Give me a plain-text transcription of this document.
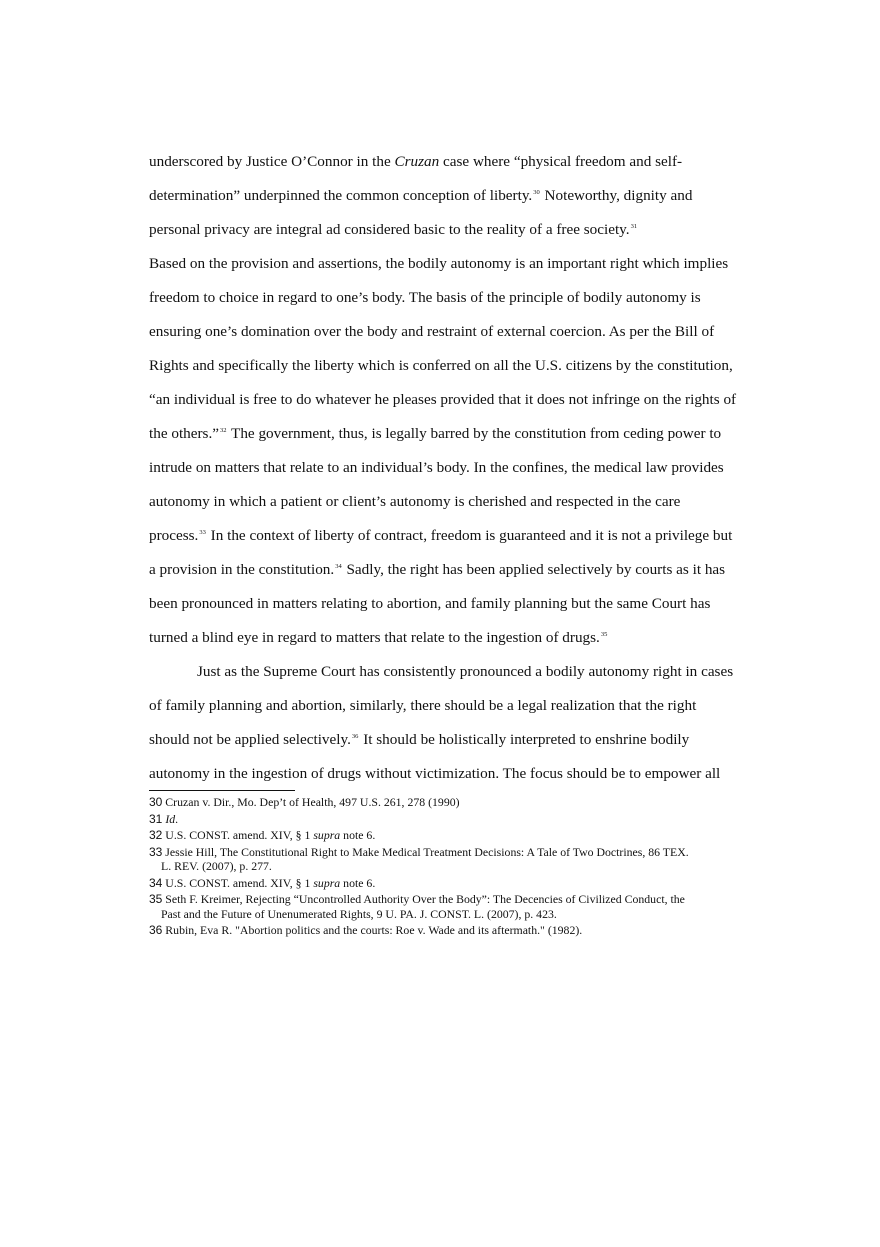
underscored by Justice O’Connor in the Cruzan case where “physical freedom and self-
determination” underpinned the common conception of liberty.$^{30}$ Noteworthy, dignity and
personal privacy are integral ad considered basic to the reality of a free society.$^{31}$
Based on the provision and assertions, the bodily autonomy is an important right which implies
freedom to choice in regard to one’s body. The basis of the principle of bodily autonomy is
ensuring one’s domination over the body and restraint of external coercion. As per the Bill of
Rights and specifically the liberty which is conferred on all the U.S. citizens by the constitution,
“an individual is free to do whatever he pleases provided that it does not infringe on the rights of
the others.”$^{32}$ The government, thus, is legally barred by the constitution from ceding power to
intrude on matters that relate to an individual’s body. In the confines, the medical law provides
autonomy in which a patient or client’s autonomy is cherished and respected in the care
process.$^{33}$ In the context of liberty of contract, freedom is guaranteed and it is not a privilege but
a provision in the constitution.$^{34}$ Sadly, the right has been applied selectively by courts as it has
been pronounced in matters relating to abortion, and family planning but the same Court has
turned a blind eye in regard to matters that relate to the ingestion of drugs.$^{35}$
Just as the Supreme Court has consistently pronounced a bodily autonomy right in cases
of family planning and abortion, similarly, there should be a legal realization that the right
should not be applied selectively.$^{36}$ It should be holistically interpreted to enshrine bodily
autonomy in the ingestion of drugs without victimization. The focus should be to empower all
30 Cruzan v. Dir., Mo. Dep’t of Health, 497 U.S. 261, 278 (1990)
31 Id.
32 U.S. CONST. amend. XIV, § 1 supra note 6.
33 Jessie Hill, The Constitutional Right to Make Medical Treatment Decisions: A Tale of Two Doctrines, 86 TEX.
L. REV. (2007), p. 277.
34 U.S. CONST. amend. XIV, § 1 supra note 6.
35 Seth F. Kreimer, Rejecting “Uncontrolled Authority Over the Body”: The Decencies of Civilized Conduct, the
Past and the Future of Unenumerated Rights, 9 U. PA. J. CONST. L. (2007), p. 423.
36 Rubin, Eva R. "Abortion politics and the courts: Roe v. Wade and its aftermath." (1982).
